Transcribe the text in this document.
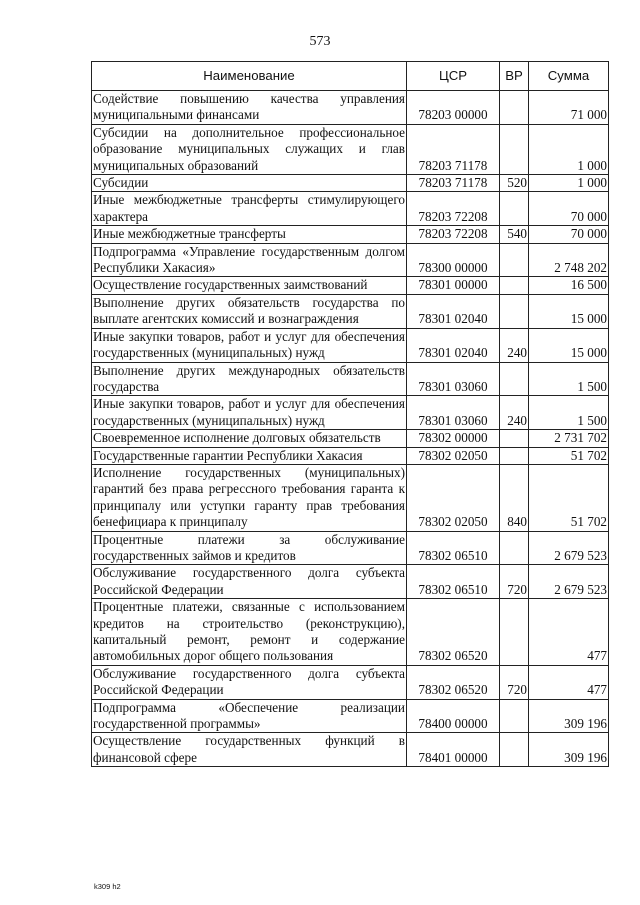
573
Наименование	ЦСР	ВР	Сумма
Содействие повышению качества управления муниципальными финансами	78203 00000		71 000
Субсидии на дополнительное профессиональное образование муниципальных служащих и глав муниципальных образований	78203 71178		1 000
Субсидии	78203 71178	520	1 000
Иные межбюджетные трансферты стимулирующего характера	78203 72208		70 000
Иные межбюджетные трансферты	78203 72208	540	70 000
Подпрограмма «Управление государственным долгом Республики Хакасия»	78300 00000		2 748 202
Осуществление государственных заимствований	78301 00000		16 500
Выполнение других обязательств государства по выплате агентских комиссий и вознаграждения	78301 02040		15 000
Иные закупки товаров, работ и услуг для обеспечения государственных (муниципальных) нужд	78301 02040	240	15 000
Выполнение других международных обязательств государства	78301 03060		1 500
Иные закупки товаров, работ и услуг для обеспечения государственных (муниципальных) нужд	78301 03060	240	1 500
Своевременное исполнение долговых обязательств	78302 00000		2 731 702
Государственные гарантии Республики Хакасия	78302 02050		51 702
Исполнение государственных (муниципальных) гарантий без права регрессного требования гаранта к принципалу или уступки гаранту прав требования бенефициара к принципалу	78302 02050	840	51 702
Процентные платежи за обслуживание государственных займов и кредитов	78302 06510		2 679 523
Обслуживание государственного долга субъекта Российской Федерации	78302 06510	720	2 679 523
Процентные платежи, связанные с использованием кредитов на строительство (реконструкцию), капитальный ремонт, ремонт и содержание автомобильных дорог общего пользования	78302 06520		477
Обслуживание государственного долга субъекта Российской Федерации	78302 06520	720	477
Подпрограмма «Обеспечение реализации государственной программы»	78400 00000		309 196
Осуществление государственных функций в финансовой сфере	78401 00000		309 196
k309 h2
